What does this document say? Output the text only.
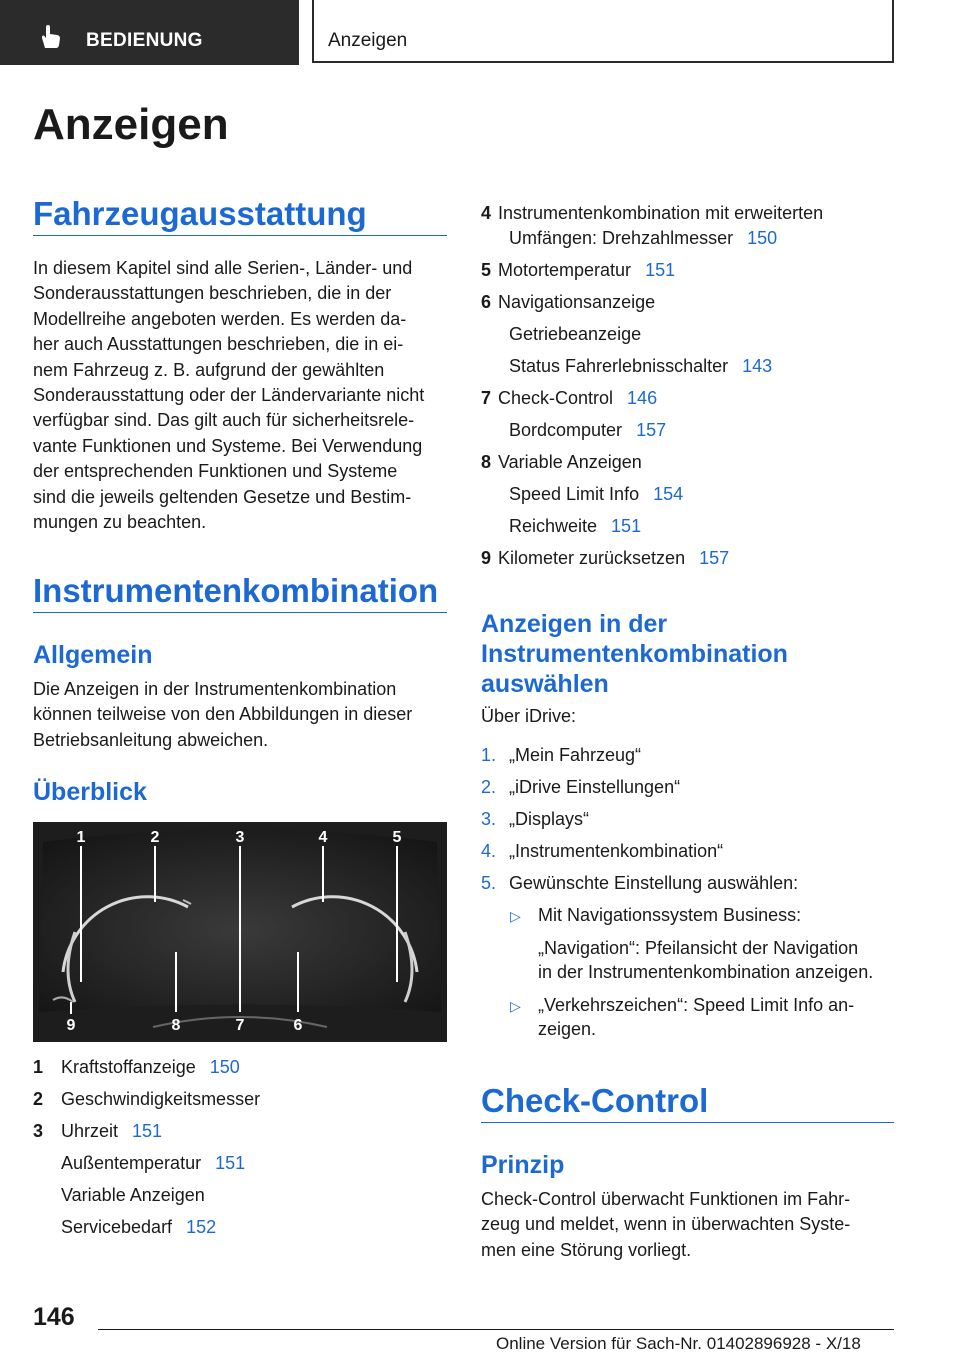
BEDIENUNG	Anzeigen
Anzeigen
Fahrzeugausstattung
In diesem Kapitel sind alle Serien-, Länder- und
Sonderausstattungen beschrieben, die in der
Modellreihe angeboten werden. Es werden da-
her auch Ausstattungen beschrieben, die in ei-
nem Fahrzeug z. B. aufgrund der gewählten
Sonderausstattung oder der Ländervariante nicht
verfügbar sind. Das gilt auch für sicherheitsrele-
vante Funktionen und Systeme. Bei Verwendung
der entsprechenden Funktionen und Systeme
sind die jeweils geltenden Gesetze und Bestim-
mungen zu beachten.
Instrumentenkombination
Allgemein
Die Anzeigen in der Instrumentenkombination
können teilweise von den Abbildungen in dieser
Betriebsanleitung abweichen.
Überblick
1	2	3	4	5
9	8	7	6
1 Kraftstoffanzeige 150
2 Geschwindigkeitsmesser
3 Uhrzeit 151
Außentemperatur 151
Variable Anzeigen
Servicebedarf 152
4 Instrumentenkombination mit erweiterten
Umfängen: Drehzahlmesser 150
5 Motortemperatur 151
6 Navigationsanzeige
Getriebeanzeige
Status Fahrerlebnisschalter 143
7 Check-Control 146
Bordcomputer 157
8 Variable Anzeigen
Speed Limit Info 154
Reichweite 151
9 Kilometer zurücksetzen 157
Anzeigen in der
Instrumentenkombination
auswählen
Über iDrive:
1. „Mein Fahrzeug“
2. „iDrive Einstellungen“
3. „Displays“
4. „Instrumentenkombination“
5. Gewünschte Einstellung auswählen:
▷ Mit Navigationssystem Business:
„Navigation“: Pfeilansicht der Navigation
in der Instrumentenkombination anzeigen.
▷ „Verkehrszeichen“: Speed Limit Info an-
zeigen.
Check-Control
Prinzip
Check-Control überwacht Funktionen im Fahr-
zeug und meldet, wenn in überwachten Syste-
men eine Störung vorliegt.
146
Online Version für Sach-Nr. 01402896928 - X/18
